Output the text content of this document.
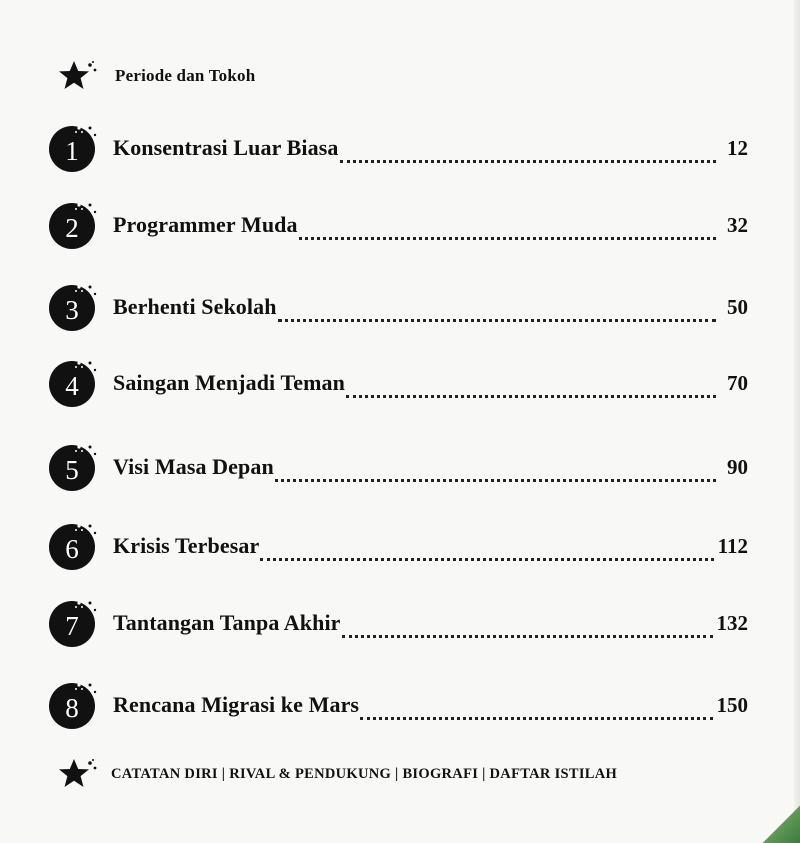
Periode dan Tokoh
1	Konsentrasi Luar Biasa	12
2	Programmer Muda	32
3	Berhenti Sekolah	50
4	Saingan Menjadi Teman	70
5	Visi Masa Depan	90
6	Krisis Terbesar	112
7	Tantangan Tanpa Akhir	132
8	Rencana Migrasi ke Mars	150
CATATAN DIRI | RIVAL & PENDUKUNG | BIOGRAFI | DAFTAR ISTILAH
